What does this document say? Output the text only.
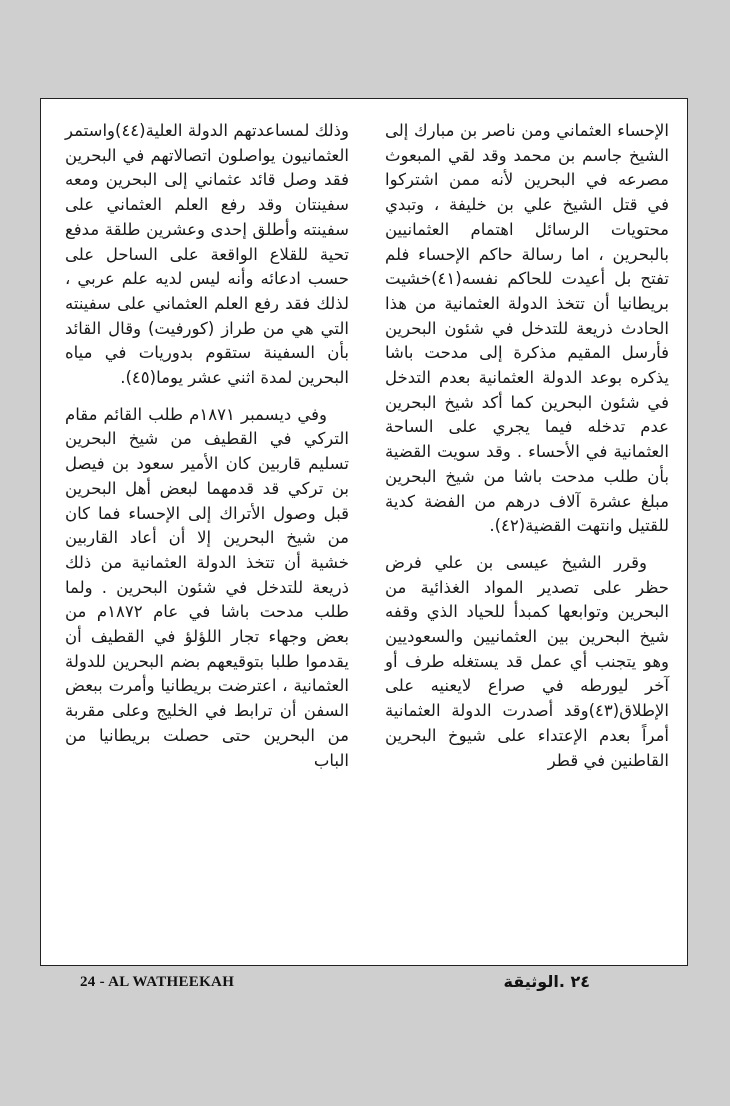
الإحساء العثماني ومن ناصر بن مبارك إلى الشيخ جاسم بن محمد وقد لقي المبعوث مصرعه في البحرين لأنه ممن اشتركوا في قتل الشيخ علي بن خليفة ، وتبدي محتويات الرسائل اهتمام العثمانيين بالبحرين ، اما رسالة حاكم الإحساء فلم تفتح بل أعيدت للحاكم نفسه(٤١)خشيت بريطانيا أن تتخذ الدولة العثمانية من هذا الحادث ذريعة للتدخل في شئون البحرين فأرسل المقيم مذكرة إلى مدحت باشا يذكره بوعد الدولة العثمانية بعدم التدخل في شئون البحرين كما أكد شيخ البحرين عدم تدخله فيما يجري على الساحة العثمانية في الأحساء . وقد سويت القضية بأن طلب مدحت باشا من شيخ البحرين مبلغ عشرة آلاف درهم من الفضة كدية للقتيل وانتهت القضية(٤٢).

وقرر الشيخ عيسى بن علي فرض حظر على تصدير المواد الغذائية من البحرين وتوابعها كمبدأ للحياد الذي وقفه شيخ البحرين بين العثمانيين والسعوديين وهو يتجنب أي عمل قد يستغله طرف أو آخر ليورطه في صراع لايعنيه على الإطلاق(٤٣)وقد أصدرت الدولة العثمانية أمراً بعدم الإعتداء على شيوخ البحرين القاطنين في قطر

وذلك لمساعدتهم الدولة العلية(٤٤)واستمر العثمانيون يواصلون اتصالاتهم في البحرين فقد وصل قائد عثماني إلى البحرين ومعه سفينتان وقد رفع العلم العثماني على سفينته وأطلق إحدى وعشرين طلقة مدفع تحية للقلاع الواقعة على الساحل على حسب ادعائه وأنه ليس لديه علم عربي ، لذلك فقد رفع العلم العثماني على سفينته التي هي من طراز (كورفيت) وقال القائد بأن السفينة ستقوم بدوريات في مياه البحرين لمدة اثني عشر يوما(٤٥).

وفي ديسمبر ١٨٧١م طلب القائم مقام التركي في القطيف من شيخ البحرين تسليم قاربين كان الأمير سعود بن فيصل بن تركي قد قدمهما لبعض أهل البحرين قبل وصول الأتراك إلى الإحساء فما كان من شيخ البحرين إلا أن أعاد القاربين خشية أن تتخذ الدولة العثمانية من ذلك ذريعة للتدخل في شئون البحرين . ولما طلب مدحت باشا في عام ١٨٧٢م من بعض وجهاء تجار اللؤلؤ في القطيف أن يقدموا طلبا بتوقيعهم بضم البحرين للدولة العثمانية ، اعترضت بريطانيا وأمرت ببعض السفن أن ترابط في الخليج وعلى مقربة من البحرين حتى حصلت بريطانيا من الباب

24 - AL WATHEEKAH	٢٤ .الوثيقة
